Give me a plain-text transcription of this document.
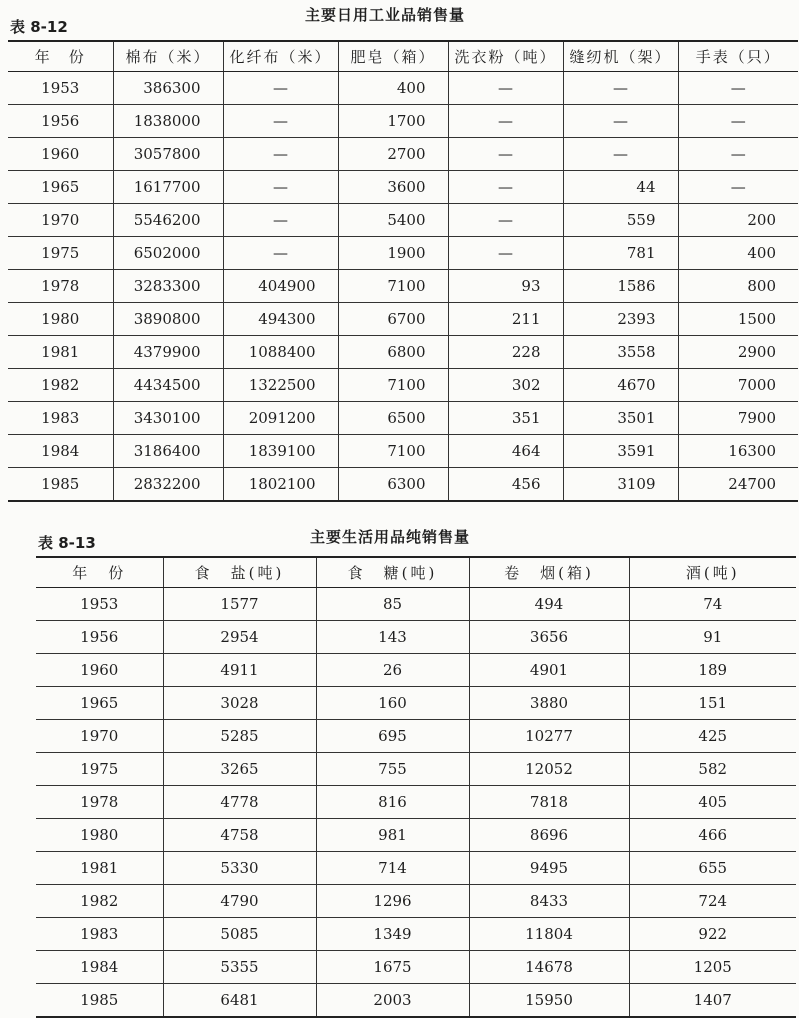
表 8-12
主要日用工业品销售量
年　份	棉布（米）	化纤布（米）	肥皂（箱）	洗衣粉（吨）	缝纫机（架）	手表（只）
1953	386300	—	400	—	—	—
1956	1838000	—	1700	—	—	—
1960	3057800	—	2700	—	—	—
1965	1617700	—	3600	—	44	—
1970	5546200	—	5400	—	559	200
1975	6502000	—	1900	—	781	400
1978	3283300	404900	7100	93	1586	800
1980	3890800	494300	6700	211	2393	1500
1981	4379900	1088400	6800	228	3558	2900
1982	4434500	1322500	7100	302	4670	7000
1983	3430100	2091200	6500	351	3501	7900
1984	3186400	1839100	7100	464	3591	16300
1985	2832200	1802100	6300	456	3109	24700
表 8-13	主要生活用品纯销售量
年　份	食　盐(吨)	食　糖(吨)	卷　烟(箱)	酒(吨)
1953	1577	85	494	74
1956	2954	143	3656	91
1960	4911	26	4901	189
1965	3028	160	3880	151
1970	5285	695	10277	425
1975	3265	755	12052	582
1978	4778	816	7818	405
1980	4758	981	8696	466
1981	5330	714	9495	655
1982	4790	1296	8433	724
1983	5085	1349	11804	922
1984	5355	1675	14678	1205
1985	6481	2003	15950	1407
